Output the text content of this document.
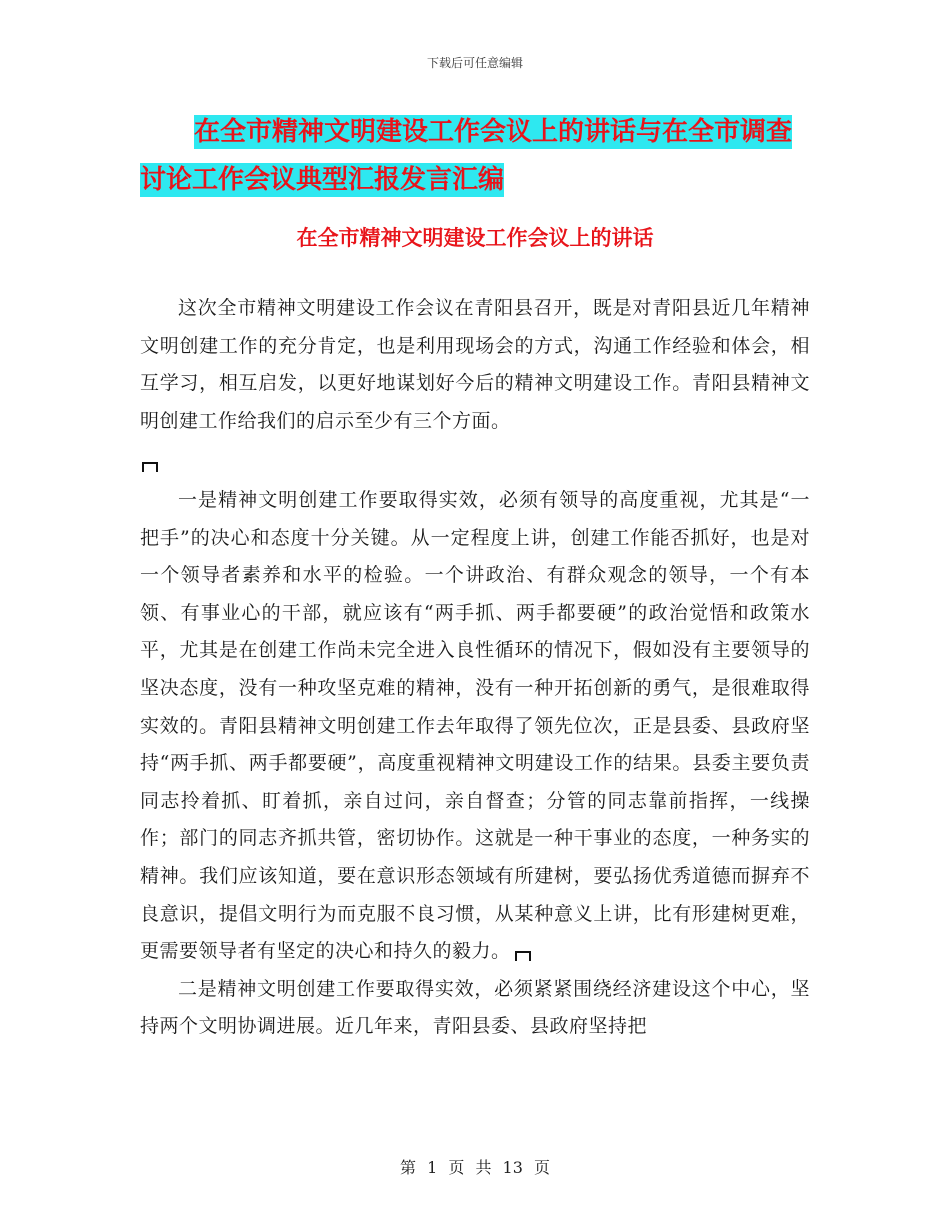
下载后可任意编辑
在全市精神文明建设工作会议上的讲话与在全市调查
讨论工作会议典型汇报发言汇编
在全市精神文明建设工作会议上的讲话

这次全市精神文明建设工作会议在青阳县召开，既是对青阳县近几年精神文明创建工作的充分肯定，也是利用现场会的方式，沟通工作经验和体会，相互学习，相互启发，以更好地谋划好今后的精神文明建设工作。青阳县精神文明创建工作给我们的启示至少有三个方面。

一是精神文明创建工作要取得实效，必须有领导的高度重视，尤其是“一把手”的决心和态度十分关键。从一定程度上讲，创建工作能否抓好，也是对一个领导者素养和水平的检验。一个讲政治、有群众观念的领导，一个有本领、有事业心的干部，就应该有“两手抓、两手都要硬”的政治觉悟和政策水平，尤其是在创建工作尚未完全进入良性循环的情况下，假如没有主要领导的坚决态度，没有一种攻坚克难的精神，没有一种开拓创新的勇气，是很难取得实效的。青阳县精神文明创建工作去年取得了领先位次，正是县委、县政府坚持“两手抓、两手都要硬”，高度重视精神文明建设工作的结果。县委主要负责同志拎着抓、盯着抓，亲自过问，亲自督查；分管的同志靠前指挥，一线操作；部门的同志齐抓共管，密切协作。这就是一种干事业的态度，一种务实的精神。我们应该知道，要在意识形态领域有所建树，要弘扬优秀道德而摒弃不良意识，提倡文明行为而克服不良习惯，从某种意义上讲，比有形建树更难，更需要领导者有坚定的决心和持久的毅力。

二是精神文明创建工作要取得实效，必须紧紧围绕经济建设这个中心，坚持两个文明协调进展。近几年来，青阳县委、县政府坚持把

第 1 页 共 13 页
